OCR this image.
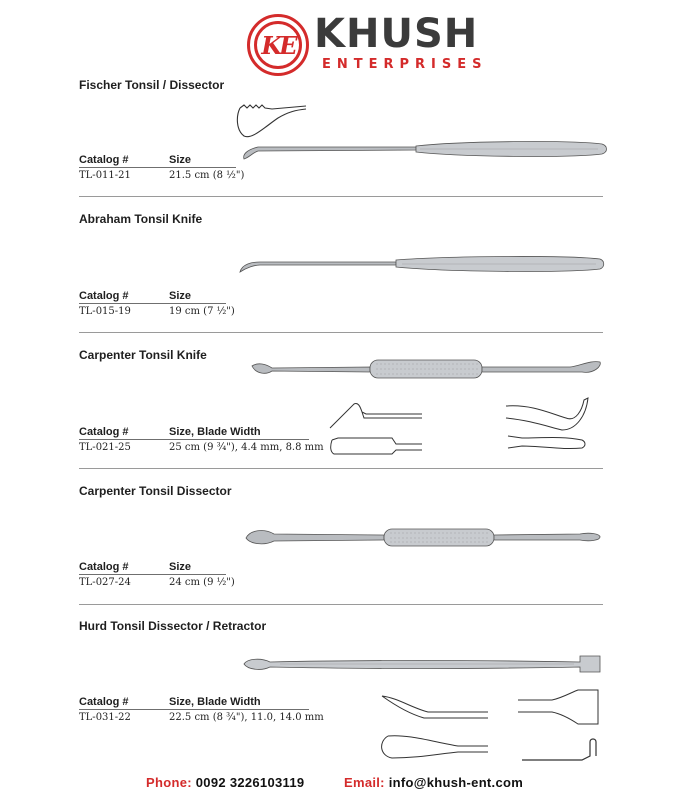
KE KHUSH
ENTERPRISES
Fischer Tonsil / Dissector
Catalog #	Size
TL-011-21	21.5 cm (8 ½")
Abraham Tonsil Knife
Catalog #	Size
TL-015-19	19 cm (7 ½")
Carpenter Tonsil Knife
Catalog #	Size, Blade Width
TL-021-25	25 cm (9 ¾"), 4.4 mm, 8.8 mm
Carpenter Tonsil Dissector
Catalog #	Size
TL-027-24	24 cm (9 ½")
Hurd Tonsil Dissector / Retractor
Catalog #	Size, Blade Width
TL-031-22	22.5 cm (8 ¾"), 11.0, 14.0 mm
Phone: 0092 3226103119	Email: info@khush-ent.com
